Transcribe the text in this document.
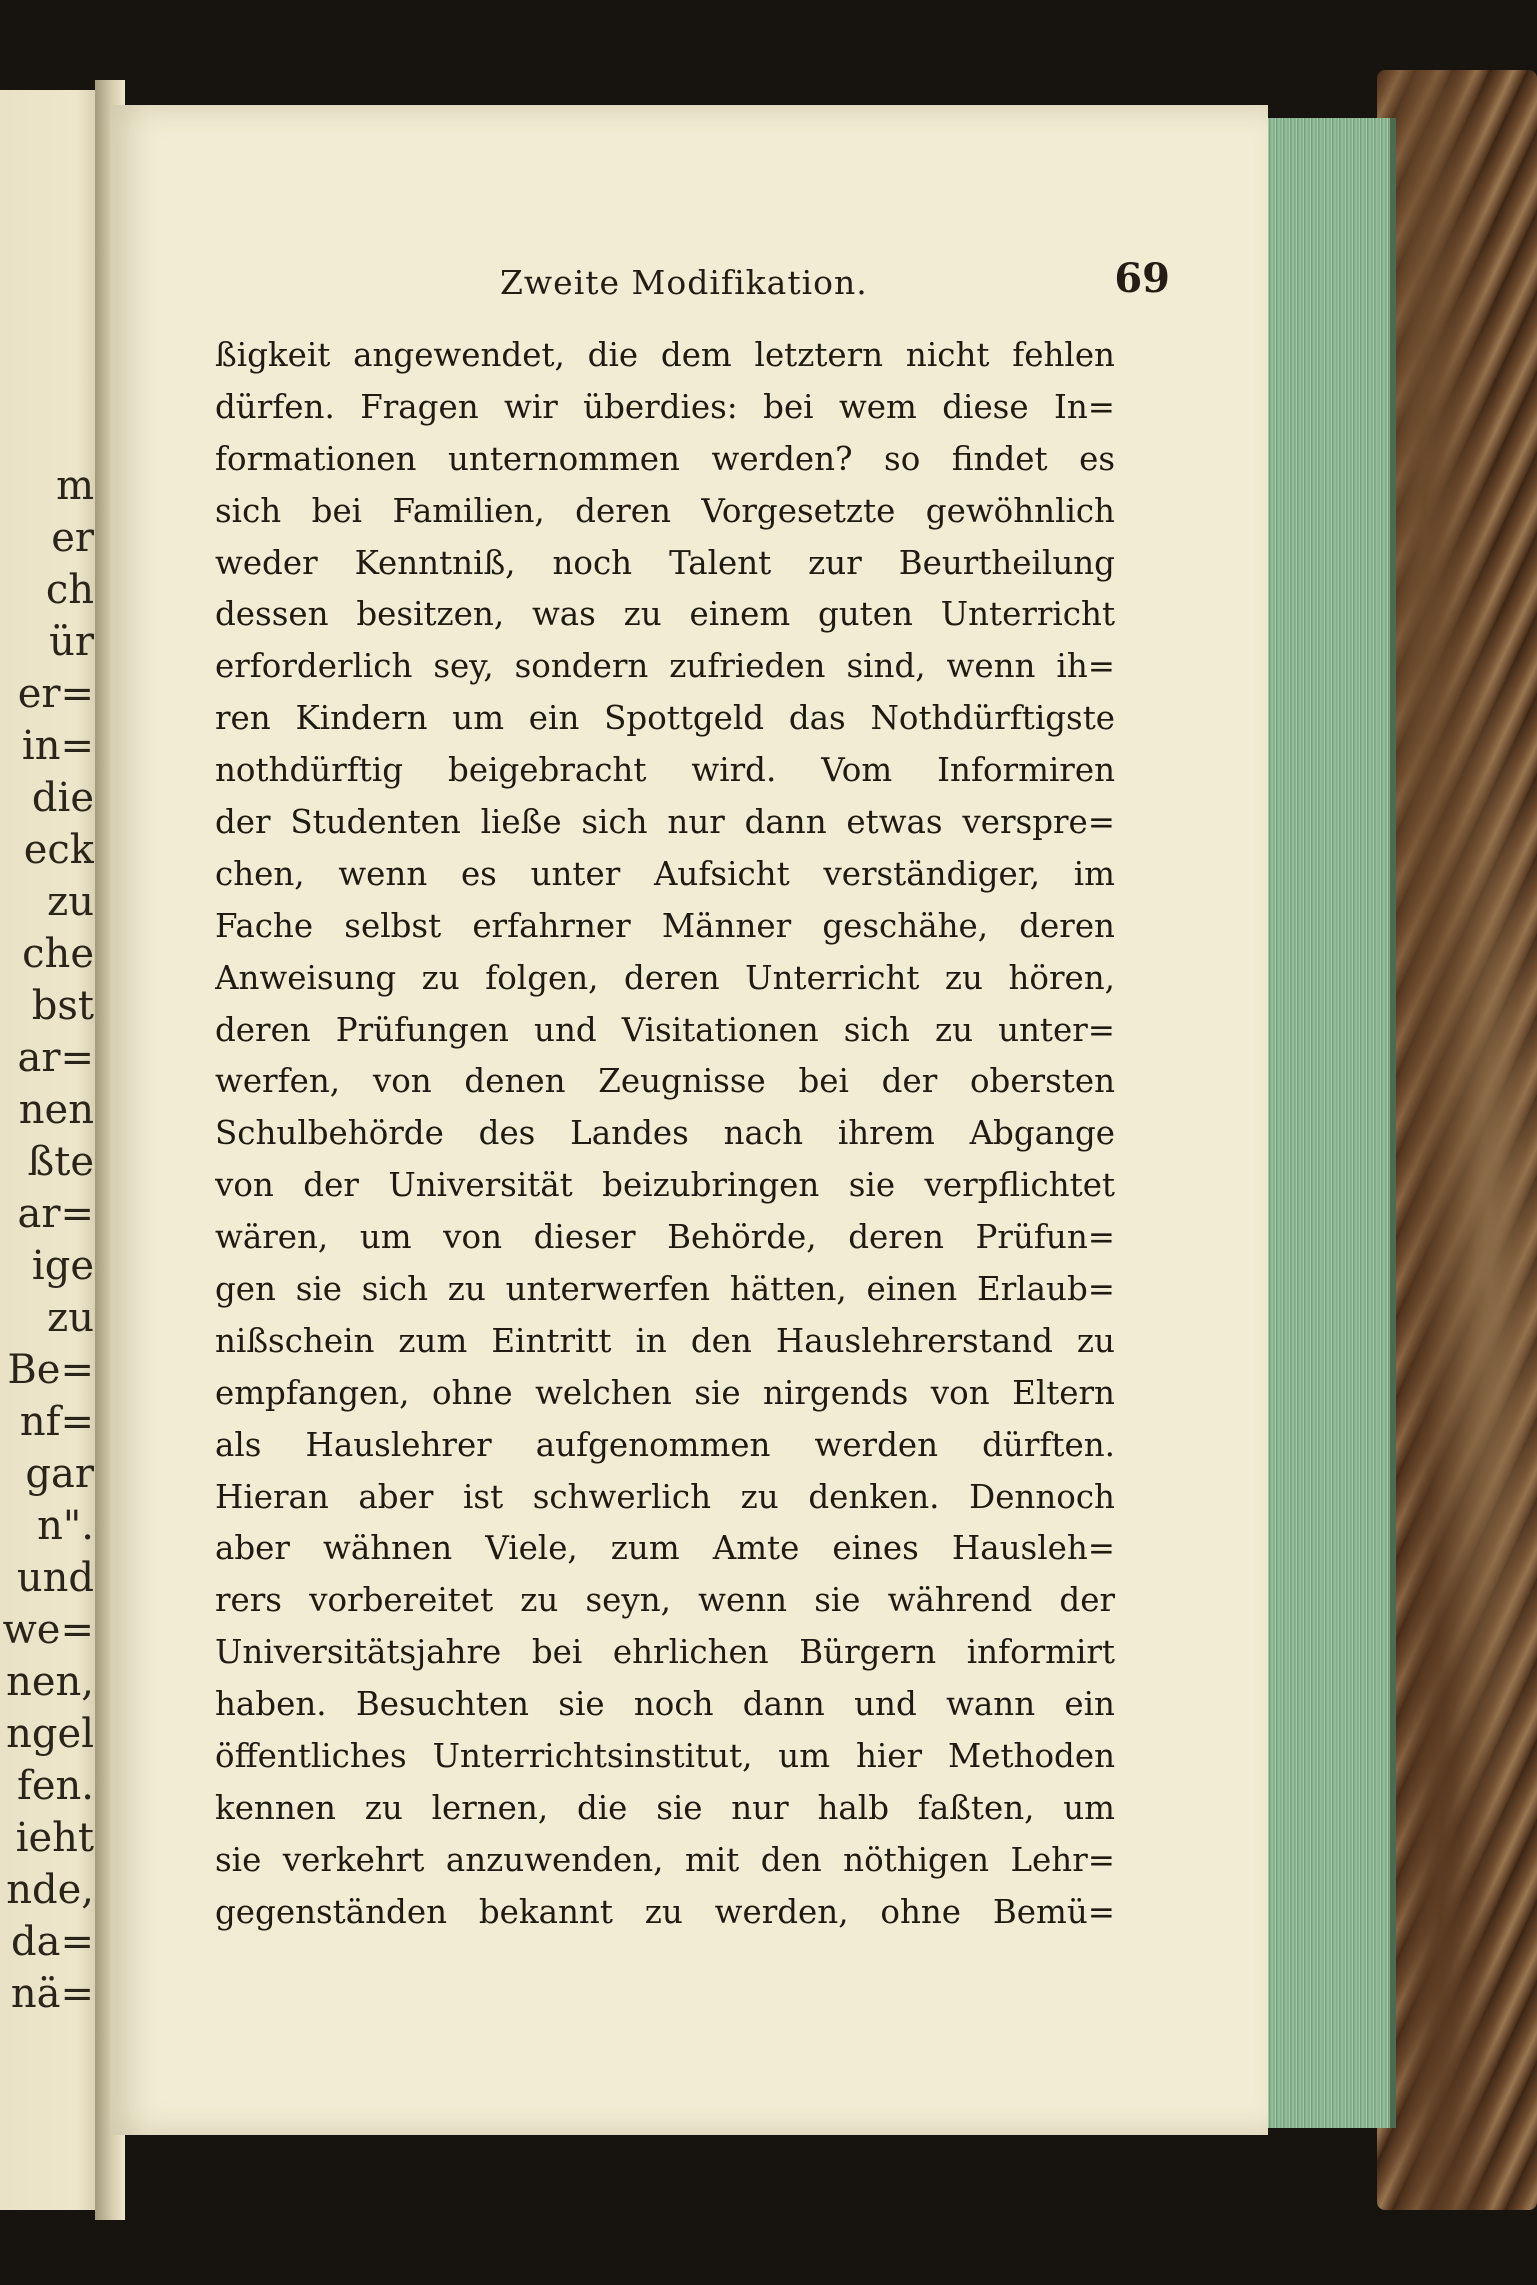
m
er
ch
ür
er=
in=
die
eck
zu
che
bst
ar=
nen
ßte
ar=
ige
zu
Be=
nf=
gar
n".
und
we=
nen,
ngel
fen.
ieht
nde,
da=
nä=
Zweite Modifikation.	69
ßigkeit angewendet, die dem letztern nicht fehlen
dürfen. Fragen wir überdies: bei wem diese In=
formationen unternommen werden? so findet es
sich bei Familien, deren Vorgesetzte gewöhnlich
weder Kenntniß, noch Talent zur Beurtheilung
dessen besitzen, was zu einem guten Unterricht
erforderlich sey, sondern zufrieden sind, wenn ih=
ren Kindern um ein Spottgeld das Nothdürftigste
nothdürftig beigebracht wird. Vom Informiren
der Studenten ließe sich nur dann etwas verspre=
chen, wenn es unter Aufsicht verständiger, im
Fache selbst erfahrner Männer geschähe, deren
Anweisung zu folgen, deren Unterricht zu hören,
deren Prüfungen und Visitationen sich zu unter=
werfen, von denen Zeugnisse bei der obersten
Schulbehörde des Landes nach ihrem Abgange
von der Universität beizubringen sie verpflichtet
wären, um von dieser Behörde, deren Prüfun=
gen sie sich zu unterwerfen hätten, einen Erlaub=
nißschein zum Eintritt in den Hauslehrerstand zu
empfangen, ohne welchen sie nirgends von Eltern
als Hauslehrer aufgenommen werden dürften.
Hieran aber ist schwerlich zu denken. Dennoch
aber wähnen Viele, zum Amte eines Hausleh=
rers vorbereitet zu seyn, wenn sie während der
Universitätsjahre bei ehrlichen Bürgern informirt
haben. Besuchten sie noch dann und wann ein
öffentliches Unterrichtsinstitut, um hier Methoden
kennen zu lernen, die sie nur halb faßten, um
sie verkehrt anzuwenden, mit den nöthigen Lehr=
gegenständen bekannt zu werden, ohne Bemü=
